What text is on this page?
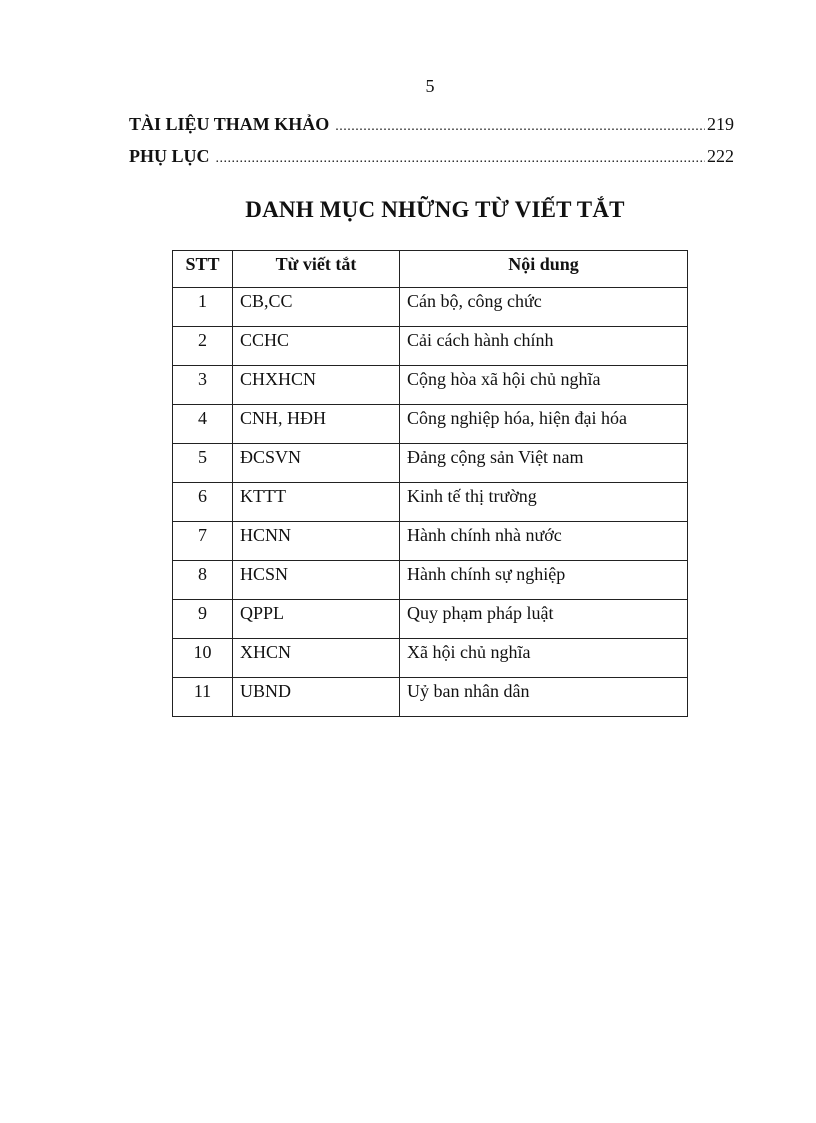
5
TÀI LIỆU THAM KHẢO .....	219
PHỤ LỤC .....	222
DANH MỤC NHỮNG TỪ VIẾT TẮT
STT	Từ viết tắt	Nội dung
1	CB,CC	Cán bộ, công chức
2	CCHC	Cải cách hành chính
3	CHXHCN	Cộng hòa xã hội chủ nghĩa
4	CNH, HĐH	Công nghiệp hóa, hiện đại hóa
5	ĐCSVN	Đảng cộng sản Việt nam
6	KTTT	Kinh tế thị trường
7	HCNN	Hành chính nhà nước
8	HCSN	Hành chính sự nghiệp
9	QPPL	Quy phạm pháp luật
10	XHCN	Xã hội chủ nghĩa
11	UBND	Uỷ ban nhân dân
